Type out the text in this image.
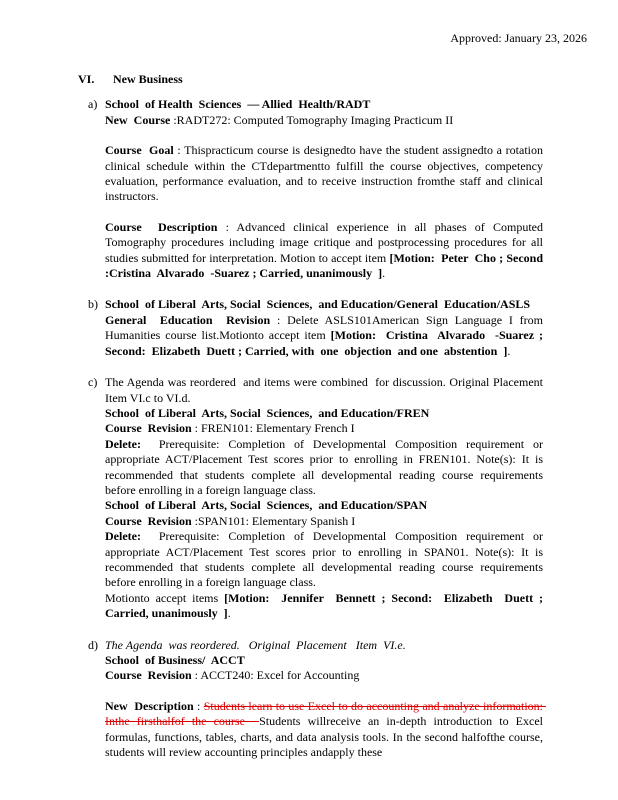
Approved: January 23, 2026

VI. New Business

a) School  of Health  Sciences  — Allied  Health/RADT

New  Course :RADT272: Computed Tomography Imaging Practicum II

Course  Goal : Thispracticum course is designedto have the student assignedto a rotation clinical schedule within the CTdepartmentto fulfill the course objectives, competency evaluation, performance evaluation, and to receive instruction fromthe staff and clinical instructors.

Course  Description : Advanced clinical experience in all phases of Computed Tomography procedures including image critique and postprocessing procedures for all studies submitted for interpretation. Motion to accept item [Motion:  Peter  Cho ; Second :Cristina  Alvarado  -Suarez ; Carried, unanimously  ].

b) School  of Liberal  Arts, Social  Sciences,  and Education/General  Education/ASLS

General  Education  Revision : Delete ASLS101American Sign Language I from Humanities course list.Motionto accept item [Motion:  Cristina  Alvarado  -Suarez ; Second:  Elizabeth  Duett ; Carried, with  one  objection  and one  abstention  ].

c) The Agenda was reordered  and items were combined  for discussion. Original Placement  Item VI.c to VI.d.

School  of Liberal  Arts, Social  Sciences,  and Education/FREN

Course  Revision : FREN101: Elementary French I

Delete:  Prerequisite: Completion of Developmental Composition requirement or appropriate ACT/Placement Test scores prior to enrolling in FREN101. Note(s): It is recommended that students complete all developmental reading course requirements before enrolling in a foreign language class.

School  of Liberal  Arts, Social  Sciences,  and Education/SPAN

Course  Revision :SPAN101: Elementary Spanish I

Delete:  Prerequisite: Completion of Developmental Composition requirement or appropriate ACT/Placement Test scores prior to enrolling in SPAN01. Note(s): It is recommended that students complete all developmental reading course requirements before enrolling in a foreign language class.

Motionto accept items [Motion:  Jennifer  Bennett ; Second:  Elizabeth  Duett ; Carried, unanimously  ].

d) The Agenda  was reordered.   Original  Placement   Item  VI.e.

School  of Business/  ACCT

Course  Revision : ACCT240: Excel for Accounting

New  Description : Students learn to use Excel to do accounting and analyze information: Inthe firsthalfof the course  Students willreceive an in-depth introduction to Excel formulas, functions, tables, charts, and data analysis tools. In the second halfofthe course, students will review accounting principles andapply these
